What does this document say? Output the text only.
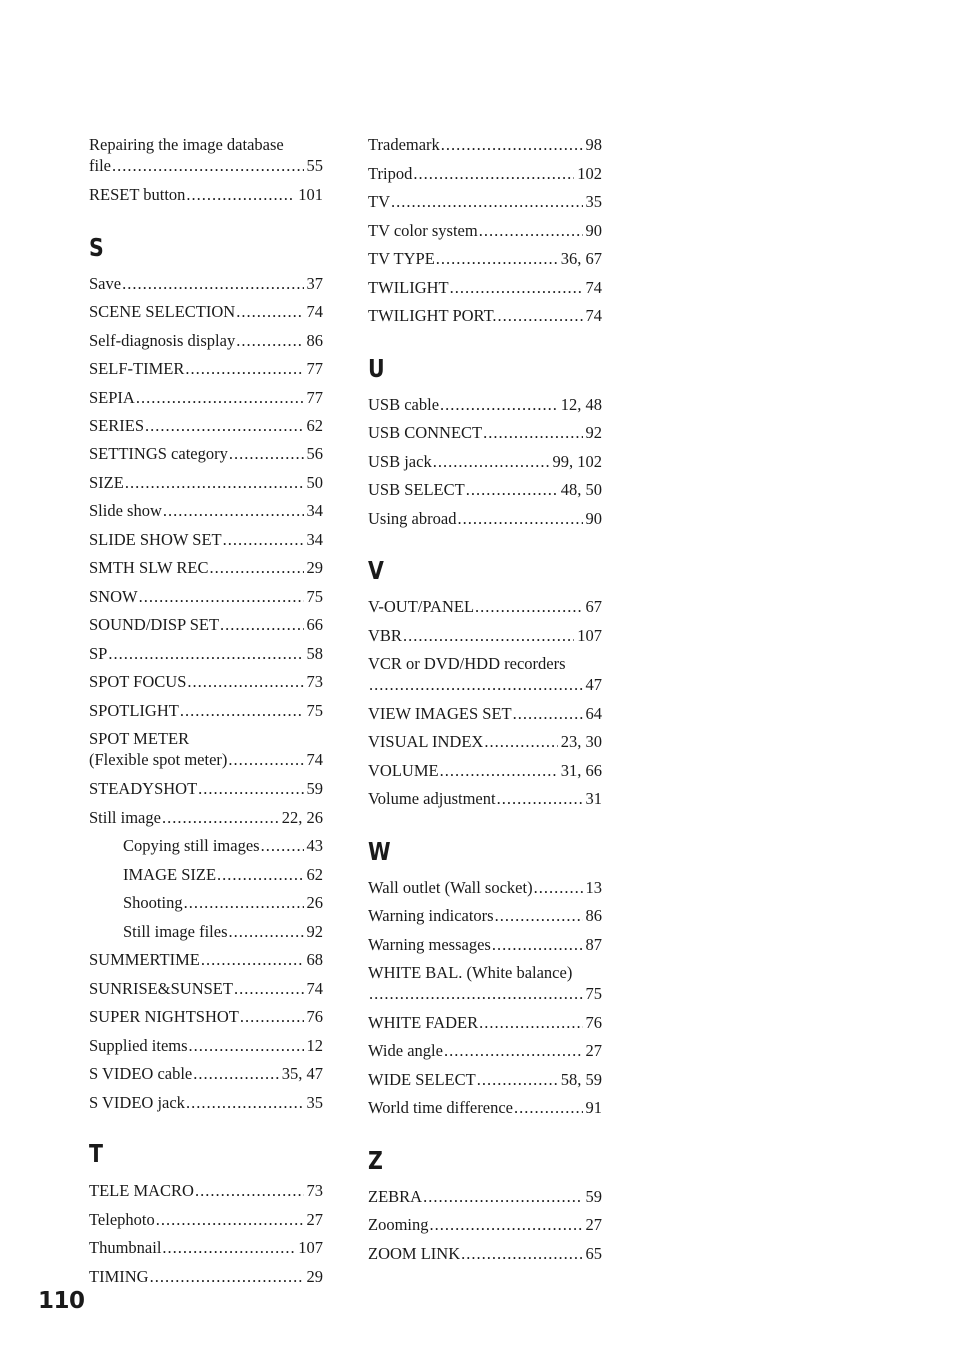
Repairing the image database
file .....	55
RESET button .....	101
S
Save .....	37
SCENE SELECTION .....	74
Self-diagnosis display .....	86
SELF-TIMER .....	77
SEPIA .....	77
SERIES .....	62
SETTINGS category .....	56
SIZE .....	50
Slide show .....	34
SLIDE SHOW SET .....	34
SMTH SLW REC .....	29
SNOW .....	75
SOUND/DISP SET .....	66
SP .....	58
SPOT FOCUS .....	73
SPOTLIGHT .....	75
SPOT METER
(Flexible spot meter) .....	74
STEADYSHOT .....	59
Still image .....	22, 26
Copying still images .....	43
IMAGE SIZE .....	62
Shooting .....	26
Still image files .....	92
SUMMERTIME .....	68
SUNRISE&SUNSET .....	74
SUPER NIGHTSHOT .....	76
Supplied items .....	12
S VIDEO cable .....	35, 47
S VIDEO jack .....	35
T
TELE MACRO .....	73
Telephoto .....	27
Thumbnail .....	107
TIMING .....	29
Trademark .....	98
Tripod .....	102
TV .....	35
TV color system .....	90
TV TYPE .....	36, 67
TWILIGHT .....	74
TWILIGHT PORT. .....	74
U
USB cable .....	12, 48
USB CONNECT .....	92
USB jack .....	99, 102
USB SELECT .....	48, 50
Using abroad .....	90
V
V-OUT/PANEL .....	67
VBR .....	107
VCR or DVD/HDD recorders
.....
47
VIEW IMAGES SET .....	64
VISUAL INDEX .....	23, 30
VOLUME .....	31, 66
Volume adjustment .....	31
W
Wall outlet (Wall socket) .....	13
Warning indicators .....	86
Warning messages .....	87
WHITE BAL. (White balance)
.....
75
WHITE FADER .....	76
Wide angle .....	27
WIDE SELECT .....	58, 59
World time difference .....	91
Z
ZEBRA .....	59
Zooming .....	27
ZOOM LINK .....	65
110
